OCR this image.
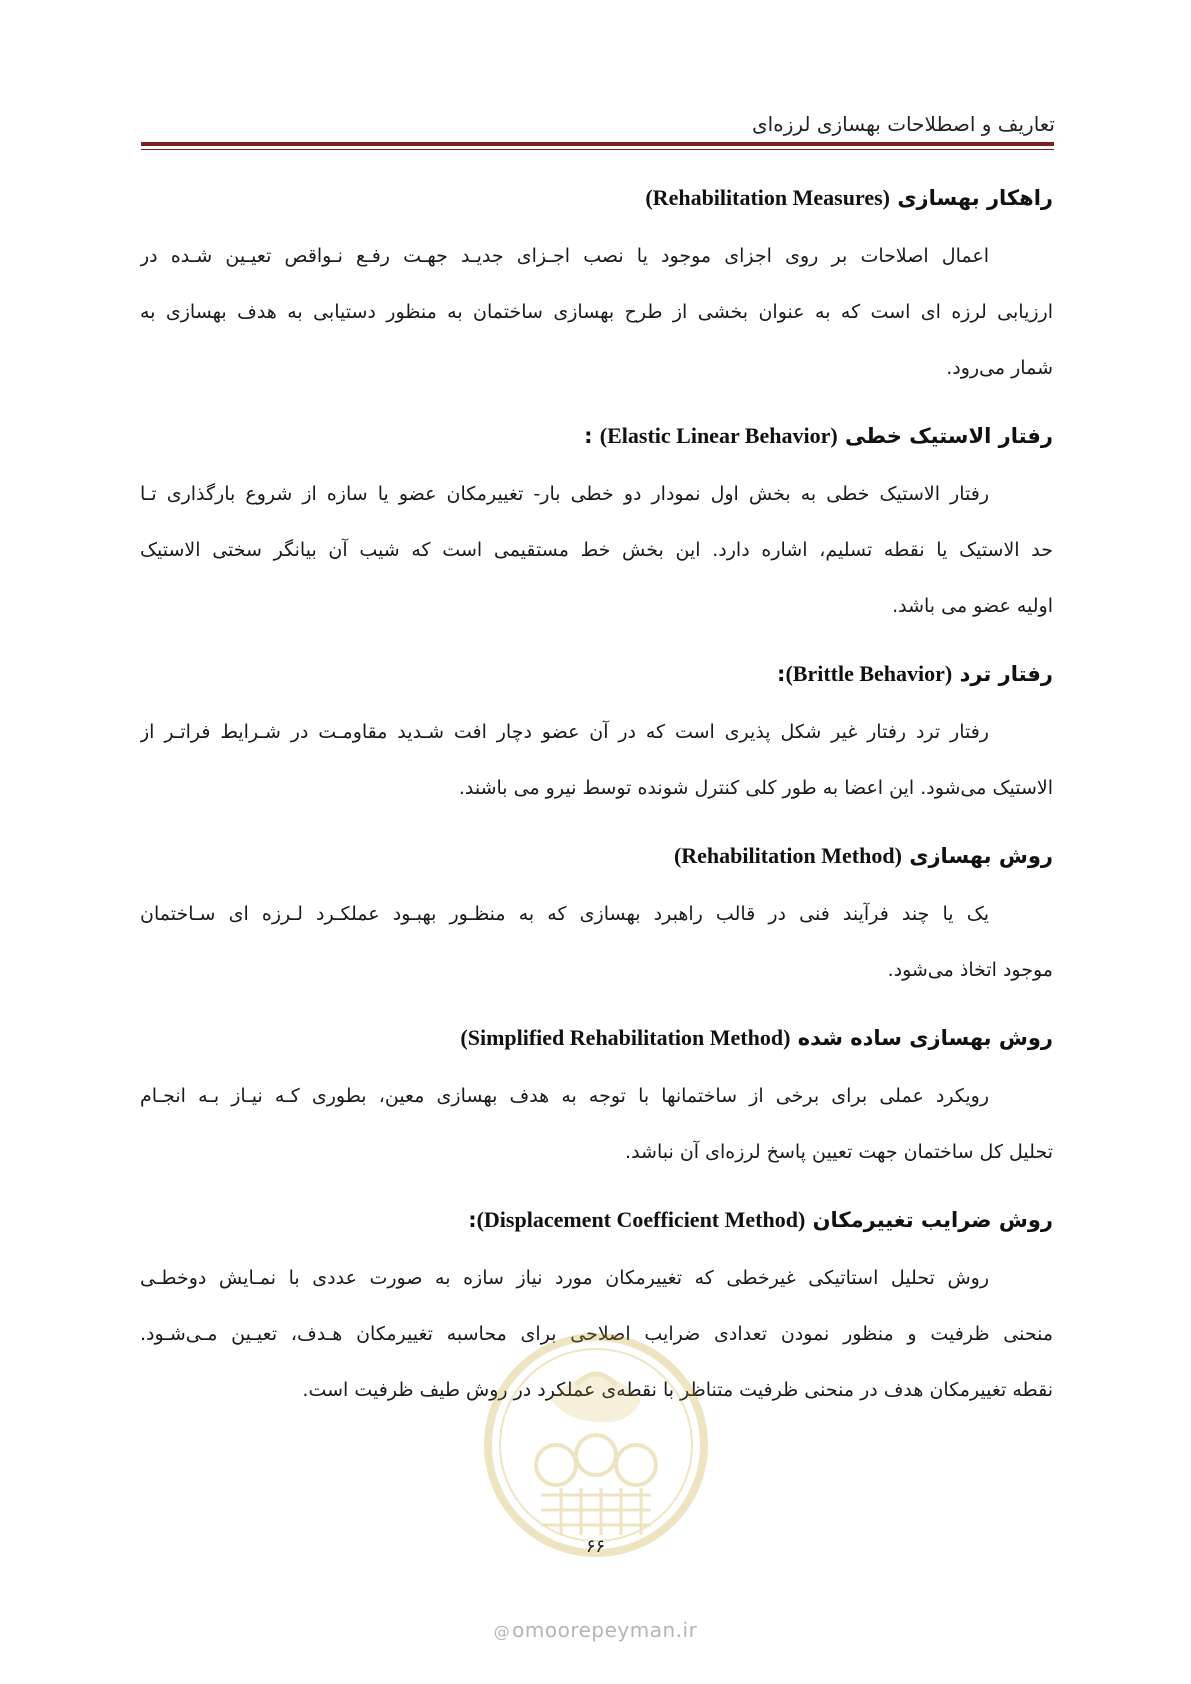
تعاریف و اصطلاحات بهسازی لرزه‌ای
راهکار بهسازی (Rehabilitation Measures)
اعمال اصلاحات بر روی اجزای موجود یا نصب اجـزای جدیـد جهـت رفـع نـواقص تعیـین شـده در
ارزیابی لرزه ای است که به عنوان بخشی از طرح بهسازی ساختمان به منظور دستیابی به هدف بهسازی به
شمار می‌رود.
رفتار الاستیک خطی (Elastic Linear Behavior) :
رفتار الاستیک خطی به بخش اول نمودار دو خطی بار- تغییرمکان عضو یا سازه از شروع بارگذاری تـا
حد الاستیک یا نقطه تسلیم، اشاره دارد. این بخش خط مستقیمی است که شیب آن بیانگر سختی الاستیک
اولیه عضو می باشد.
رفتار ترد (Brittle Behavior):
رفتار ترد رفتار غیر شکل پذیری است که در آن عضو دچار افت شـدید مقاومـت در شـرایط فراتـر از
الاستیک می‌شود. این اعضا به طور کلی کنترل شونده توسط نیرو می باشند.
روش بهسازی (Rehabilitation Method)
یک یا چند فرآیند فنی در قالب راهبرد بهسازی که به منظـور بهبـود عملکـرد لـرزه ای سـاختمان
موجود اتخاذ می‌شود.
روش بهسازی ساده شده (Simplified Rehabilitation Method)
رویکرد عملی برای برخی از ساختمانها با توجه به هدف بهسازی معین، بطوری کـه نیـاز بـه انجـام
تحلیل کل ساختمان جهت تعیین پاسخ لرزه‌ای آن نباشد.
روش ضرایب تغییرمکان (Displacement Coefficient Method):
روش تحلیل استاتیکی غیرخطی که تغییرمکان مورد نیاز سازه به صورت عددی با نمـایش دوخطـی
منحنی ظرفیت و منظور نمودن تعدادی ضرایب اصلاحی برای محاسبه تغییرمکان هـدف، تعیـین مـی‌شـود.
نقطه تغییرمکان هدف در منحنی ظرفیت متناظر با نقطه‌ی عملکرد در روش طیف ظرفیت است.
۶۶
@ omoorepeyman.ir
